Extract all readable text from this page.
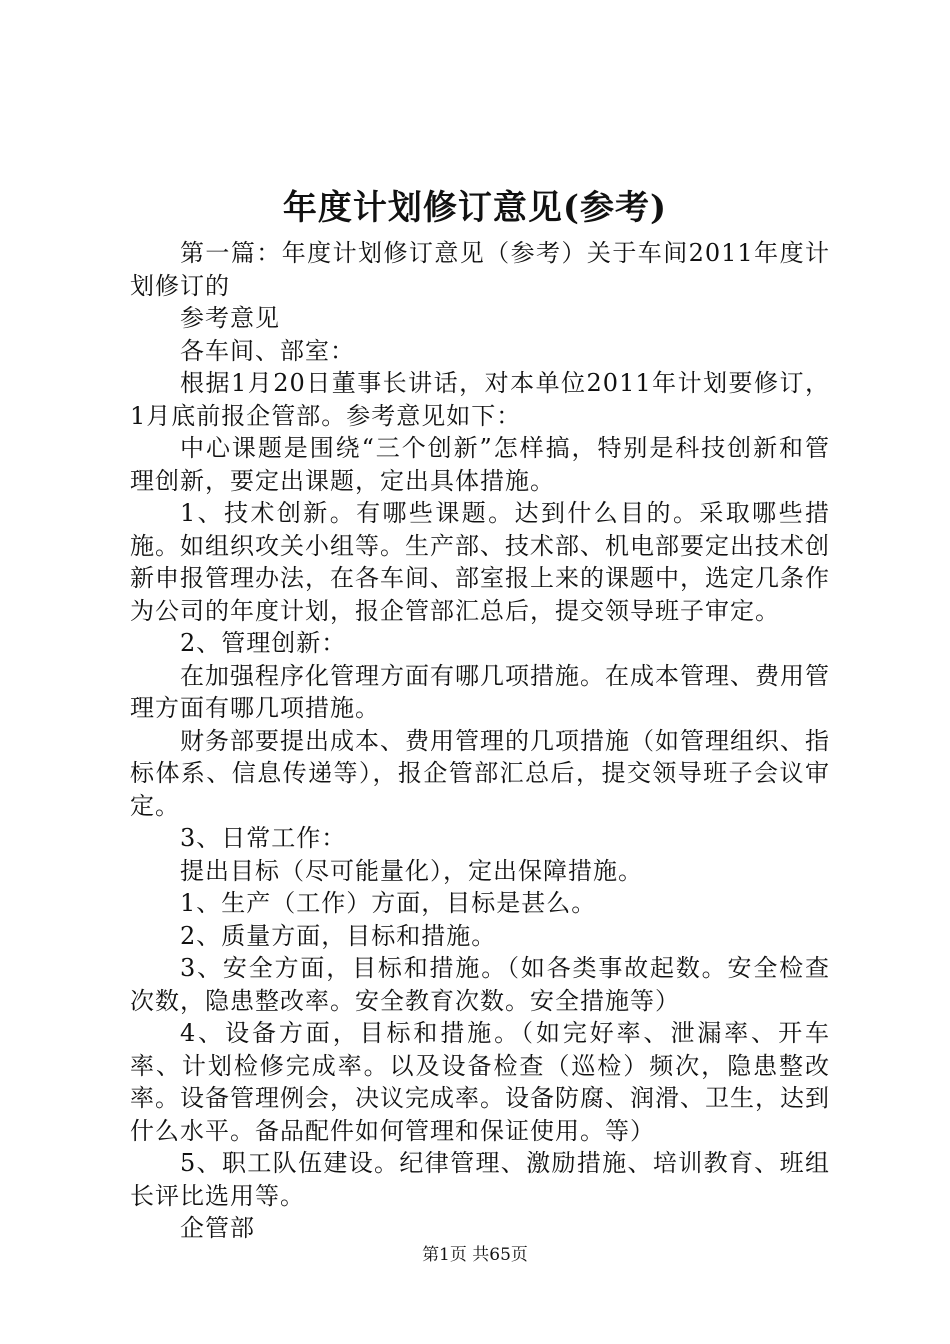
年度计划修订意见(参考)

第一篇：年度计划修订意见（参考）关于车间2011年度计划修订的

参考意见

各车间、部室：

根据1月20日董事长讲话，对本单位2011年计划要修订，1月底前报企管部。参考意见如下：

中心课题是围绕“三个创新”怎样搞，特别是科技创新和管理创新，要定出课题，定出具体措施。

1、技术创新。有哪些课题。达到什么目的。采取哪些措施。如组织攻关小组等。生产部、技术部、机电部要定出技术创新申报管理办法，在各车间、部室报上来的课题中，选定几条作为公司的年度计划，报企管部汇总后，提交领导班子审定。

2、管理创新：

在加强程序化管理方面有哪几项措施。在成本管理、费用管理方面有哪几项措施。

财务部要提出成本、费用管理的几项措施（如管理组织、指标体系、信息传递等），报企管部汇总后，提交领导班子会议审定。

3、日常工作：

提出目标（尽可能量化），定出保障措施。

1、生产（工作）方面，目标是甚么。

2、质量方面，目标和措施。

3、安全方面，目标和措施。（如各类事故起数。安全检查次数，隐患整改率。安全教育次数。安全措施等）

4、设备方面，目标和措施。（如完好率、泄漏率、开车率、计划检修完成率。以及设备检查（巡检）频次，隐患整改率。设备管理例会，决议完成率。设备防腐、润滑、卫生，达到什么水平。备品配件如何管理和保证使用。等）

5、职工队伍建设。纪律管理、激励措施、培训教育、班组长评比选用等。

企管部

第1页 共65页
